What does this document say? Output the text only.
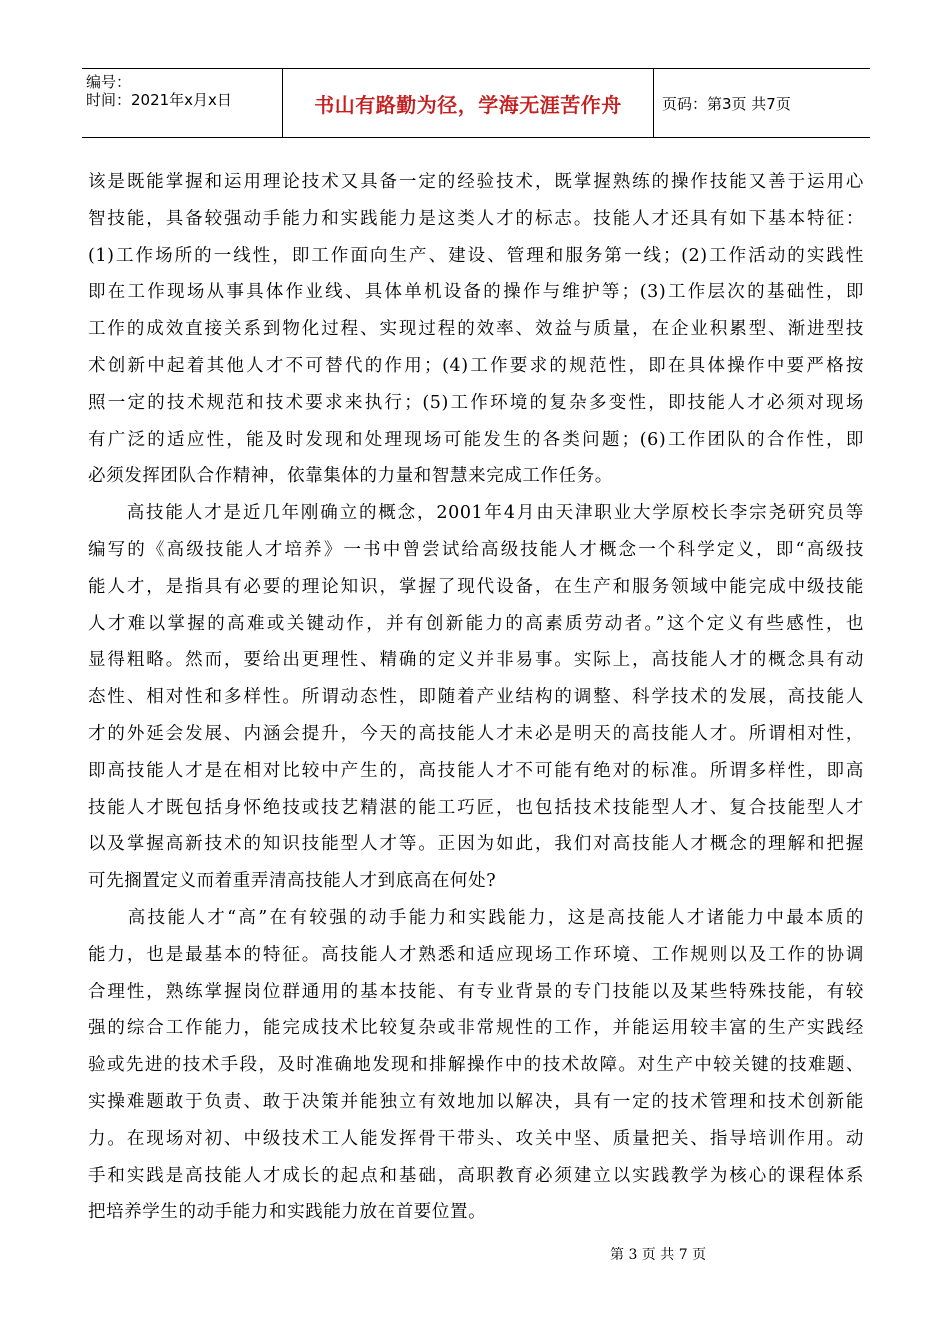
编号：
时间：2021年x月x日	书山有路勤为径，学海无涯苦作舟	页码：第3页 共7页
该是既能掌握和运用理论技术又具备一定的经验技术，既掌握熟练的操作技能又善于运用心
智技能，具备较强动手能力和实践能力是这类人才的标志。技能人才还具有如下基本特征：
(1)工作场所的一线性，即工作面向生产、建设、管理和服务第一线；(2)工作活动的实践性
即在工作现场从事具体作业线、具体单机设备的操作与维护等；(3)工作层次的基础性，即
工作的成效直接关系到物化过程、实现过程的效率、效益与质量，在企业积累型、渐进型技
术创新中起着其他人才不可替代的作用；(4)工作要求的规范性，即在具体操作中要严格按
照一定的技术规范和技术要求来执行；(5)工作环境的复杂多变性，即技能人才必须对现场
有广泛的适应性，能及时发现和处理现场可能发生的各类问题；(6)工作团队的合作性，即
必须发挥团队合作精神，依靠集体的力量和智慧来完成工作任务。
　　高技能人才是近几年刚确立的概念，2001年4月由天津职业大学原校长李宗尧研究员等
编写的《高级技能人才培养》一书中曾尝试给高级技能人才概念一个科学定义，即“高级技
能人才，是指具有必要的理论知识，掌握了现代设备，在生产和服务领域中能完成中级技能
人才难以掌握的高难或关键动作，并有创新能力的高素质劳动者。”这个定义有些感性，也
显得粗略。然而，要给出更理性、精确的定义并非易事。实际上，高技能人才的概念具有动
态性、相对性和多样性。所谓动态性，即随着产业结构的调整、科学技术的发展，高技能人
才的外延会发展、内涵会提升，今天的高技能人才未必是明天的高技能人才。所谓相对性，
即高技能人才是在相对比较中产生的，高技能人才不可能有绝对的标准。所谓多样性，即高
技能人才既包括身怀绝技或技艺精湛的能工巧匠，也包括技术技能型人才、复合技能型人才
以及掌握高新技术的知识技能型人才等。正因为如此，我们对高技能人才概念的理解和把握
可先搁置定义而着重弄清高技能人才到底高在何处?
　　高技能人才“高”在有较强的动手能力和实践能力，这是高技能人才诸能力中最本质的
能力，也是最基本的特征。高技能人才熟悉和适应现场工作环境、工作规则以及工作的协调
合理性，熟练掌握岗位群通用的基本技能、有专业背景的专门技能以及某些特殊技能，有较
强的综合工作能力，能完成技术比较复杂或非常规性的工作，并能运用较丰富的生产实践经
验或先进的技术手段，及时准确地发现和排解操作中的技术故障。对生产中较关键的技难题、
实操难题敢于负责、敢于决策并能独立有效地加以解决，具有一定的技术管理和技术创新能
力。在现场对初、中级技术工人能发挥骨干带头、攻关中坚、质量把关、指导培训作用。动
手和实践是高技能人才成长的起点和基础，高职教育必须建立以实践教学为核心的课程体系
把培养学生的动手能力和实践能力放在首要位置。
第 3 页 共 7 页
